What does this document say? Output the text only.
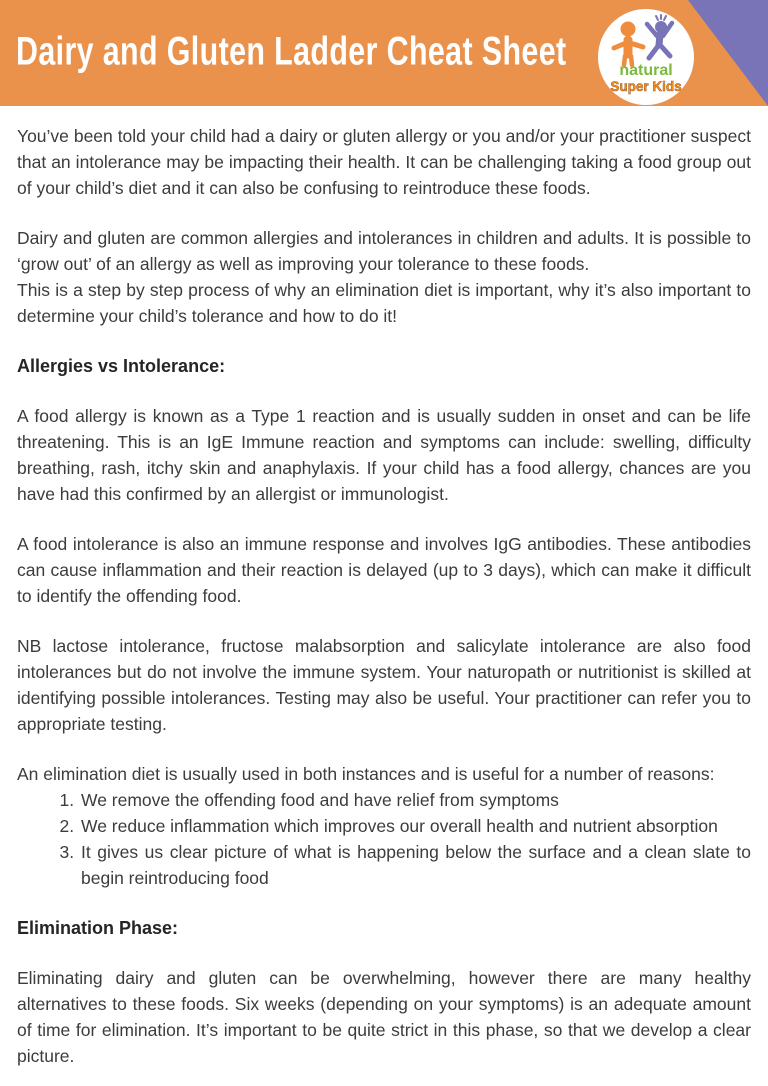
Dairy and Gluten Ladder Cheat Sheet	natural
Super Kids

You’ve been told your child had a dairy or gluten allergy or you and/or your practitioner suspect that an intolerance may be impacting their health. It can be challenging taking a food group out of your child’s diet and it can also be confusing to reintroduce these foods.

Dairy and gluten are common allergies and intolerances in children and adults. It is possible to ‘grow out’ of an allergy as well as improving your tolerance to these foods.

This is a step by step process of why an elimination diet is important, why it’s also important to determine your child’s tolerance and how to do it!

Allergies vs Intolerance:

A food allergy is known as a Type 1 reaction and is usually sudden in onset and can be life threatening. This is an IgE Immune reaction and symptoms can include: swelling, difficulty breathing, rash, itchy skin and anaphylaxis. If your child has a food allergy, chances are you have had this confirmed by an allergist or immunologist.

A food intolerance is also an immune response and involves IgG antibodies. These antibodies can cause inflammation and their reaction is delayed (up to 3 days), which can make it difficult to identify the offending food.

NB lactose intolerance, fructose malabsorption and salicylate intolerance are also food intolerances but do not involve the immune system. Your naturopath or nutritionist is skilled at identifying possible intolerances. Testing may also be useful. Your practitioner can refer you to appropriate testing.

An elimination diet is usually used in both instances and is useful for a number of reasons:

1. We remove the offending food and have relief from symptoms
2. We reduce inflammation which improves our overall health and nutrient absorption
3. It gives us clear picture of what is happening below the surface and a clean slate to begin reintroducing food
Elimination Phase:

Eliminating dairy and gluten can be overwhelming, however there are many healthy alternatives to these foods. Six weeks (depending on your symptoms) is an adequate amount of time for elimination. It’s important to be quite strict in this phase, so that we develop a clear picture.
